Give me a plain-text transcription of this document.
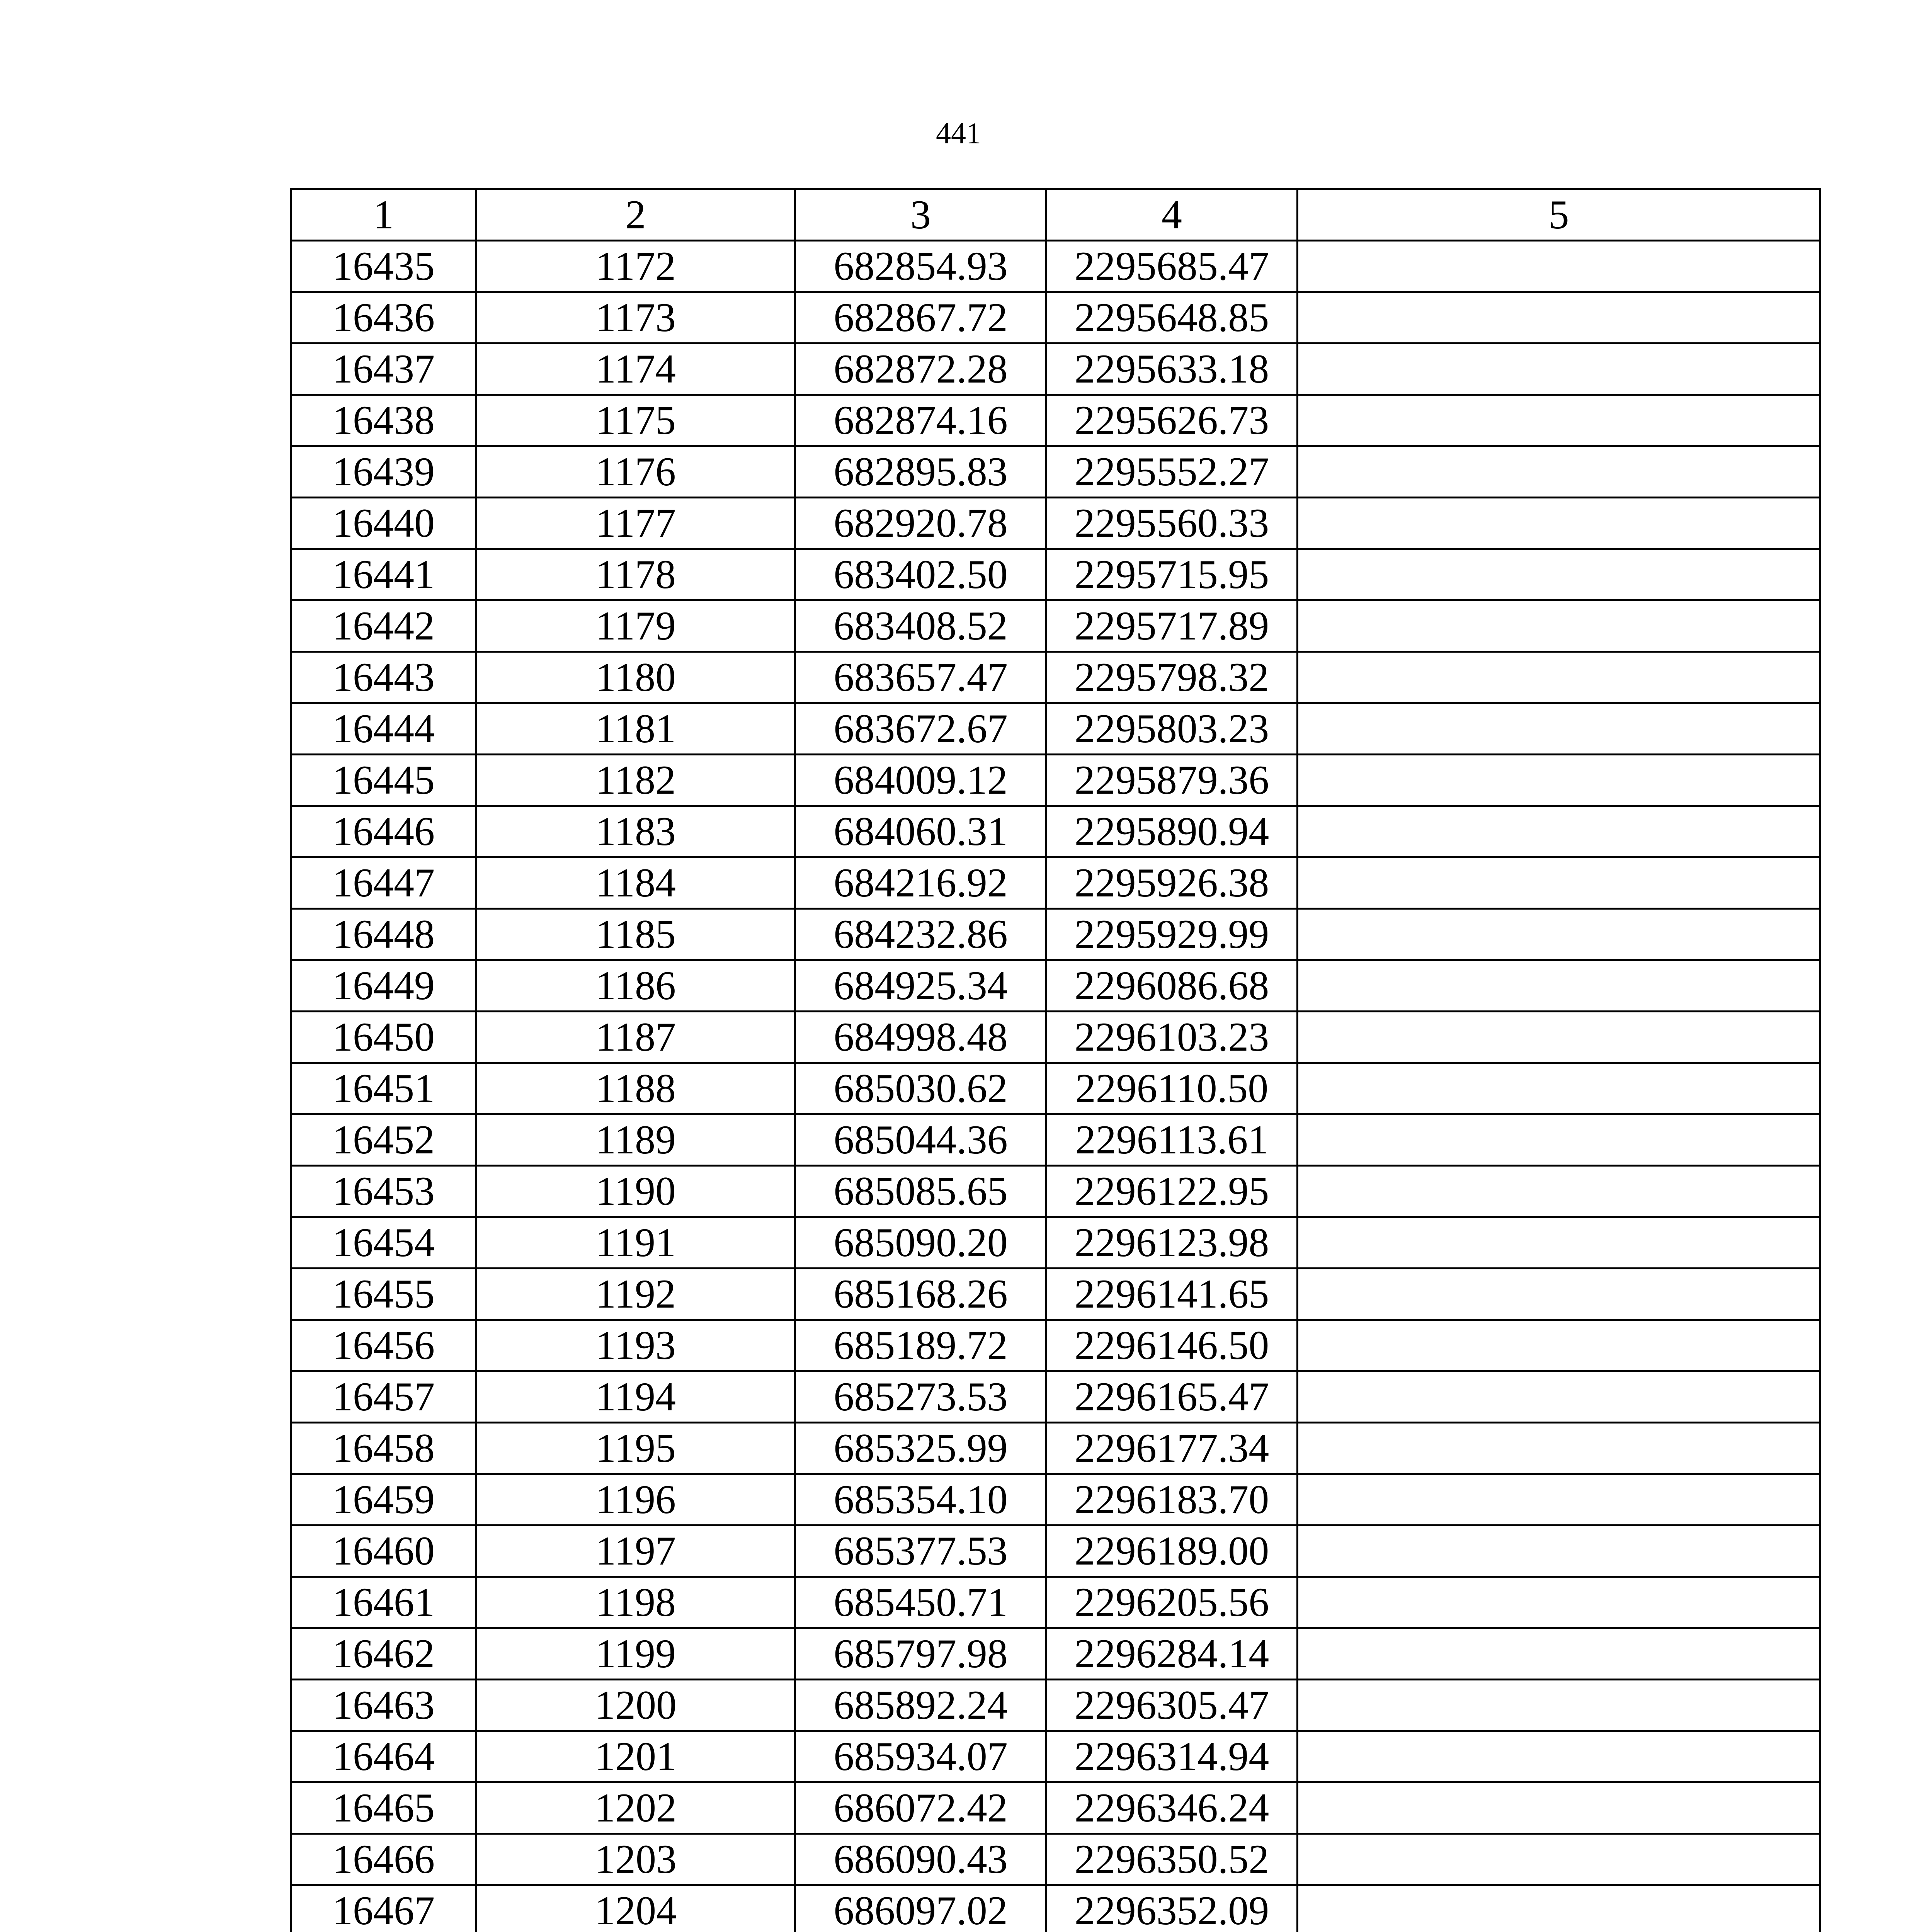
441
1	2	3	4	5
16435	1172	682854.93	2295685.47	
16436	1173	682867.72	2295648.85	
16437	1174	682872.28	2295633.18	
16438	1175	682874.16	2295626.73	
16439	1176	682895.83	2295552.27	
16440	1177	682920.78	2295560.33	
16441	1178	683402.50	2295715.95	
16442	1179	683408.52	2295717.89	
16443	1180	683657.47	2295798.32	
16444	1181	683672.67	2295803.23	
16445	1182	684009.12	2295879.36	
16446	1183	684060.31	2295890.94	
16447	1184	684216.92	2295926.38	
16448	1185	684232.86	2295929.99	
16449	1186	684925.34	2296086.68	
16450	1187	684998.48	2296103.23	
16451	1188	685030.62	2296110.50	
16452	1189	685044.36	2296113.61	
16453	1190	685085.65	2296122.95	
16454	1191	685090.20	2296123.98	
16455	1192	685168.26	2296141.65	
16456	1193	685189.72	2296146.50	
16457	1194	685273.53	2296165.47	
16458	1195	685325.99	2296177.34	
16459	1196	685354.10	2296183.70	
16460	1197	685377.53	2296189.00	
16461	1198	685450.71	2296205.56	
16462	1199	685797.98	2296284.14	
16463	1200	685892.24	2296305.47	
16464	1201	685934.07	2296314.94	
16465	1202	686072.42	2296346.24	
16466	1203	686090.43	2296350.52	
16467	1204	686097.02	2296352.09	
